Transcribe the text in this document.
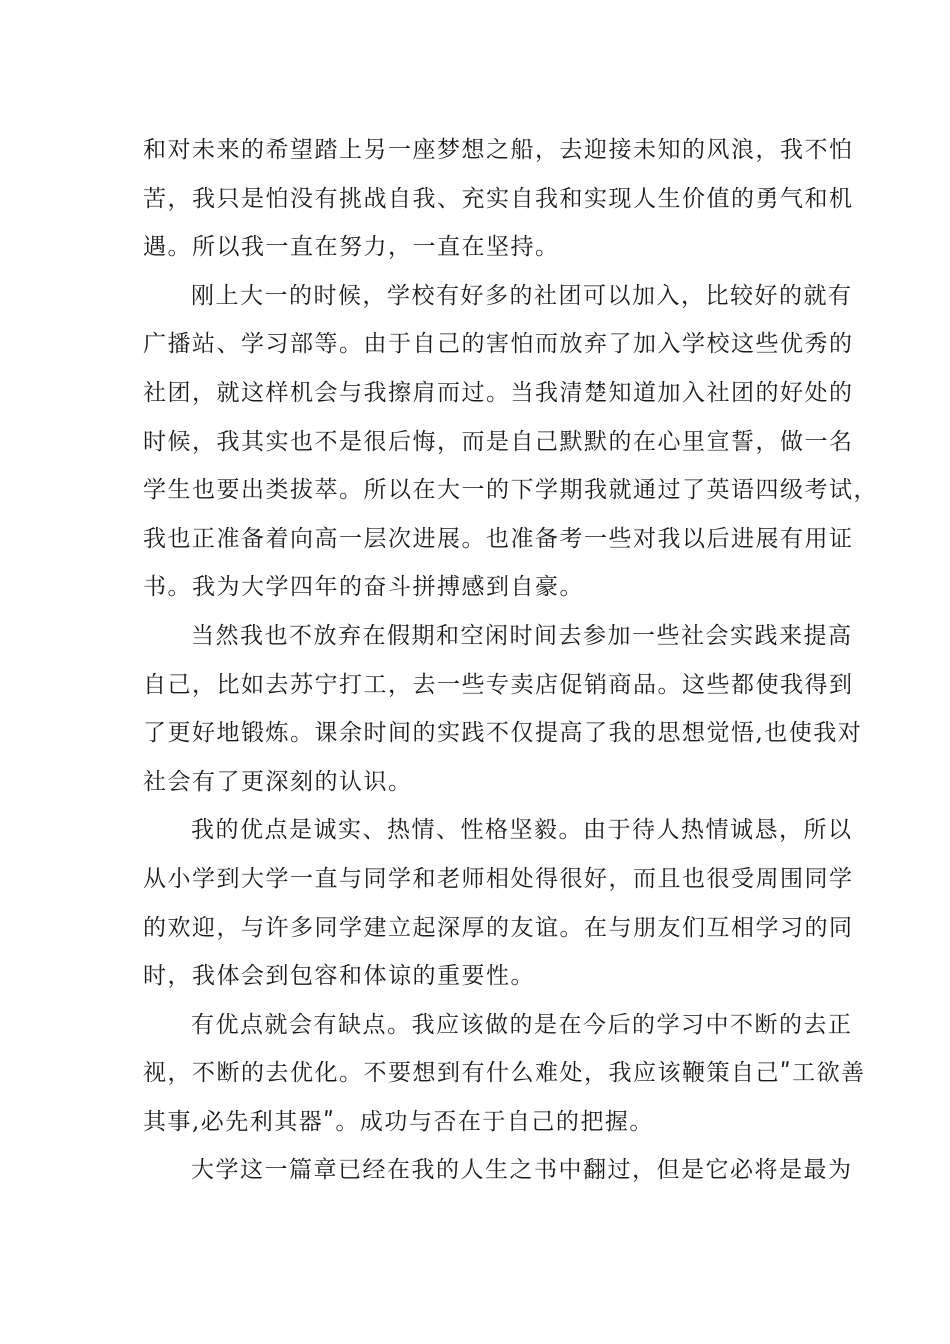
和对未来的希望踏上另一座梦想之船，去迎接未知的风浪，我不怕
苦，我只是怕没有挑战自我、充实自我和实现人生价值的勇气和机
遇。所以我一直在努力，一直在坚持。

刚上大一的时候，学校有好多的社团可以加入，比较好的就有
广播站、学习部等。由于自己的害怕而放弃了加入学校这些优秀的
社团，就这样机会与我擦肩而过。当我清楚知道加入社团的好处的
时候，我其实也不是很后悔，而是自己默默的在心里宣誓，做一名
学生也要出类拔萃。所以在大一的下学期我就通过了英语四级考试，
我也正准备着向高一层次进展。也准备考一些对我以后进展有用证
书。我为大学四年的奋斗拼搏感到自豪。

当然我也不放弃在假期和空闲时间去参加一些社会实践来提高
自己，比如去苏宁打工，去一些专卖店促销商品。这些都使我得到
了更好地锻炼。课余时间的实践不仅提高了我的思想觉悟,也使我对
社会有了更深刻的认识。

我的优点是诚实、热情、性格坚毅。由于待人热情诚恳，所以
从小学到大学一直与同学和老师相处得很好，而且也很受周围同学
的欢迎，与许多同学建立起深厚的友谊。在与朋友们互相学习的同
时，我体会到包容和体谅的重要性。

有优点就会有缺点。我应该做的是在今后的学习中不断的去正
视，不断的去优化。不要想到有什么难处，我应该鞭策自己ʺ工欲善
其事,必先利其器ʺ。成功与否在于自己的把握。

大学这一篇章已经在我的人生之书中翻过，但是它必将是最为
